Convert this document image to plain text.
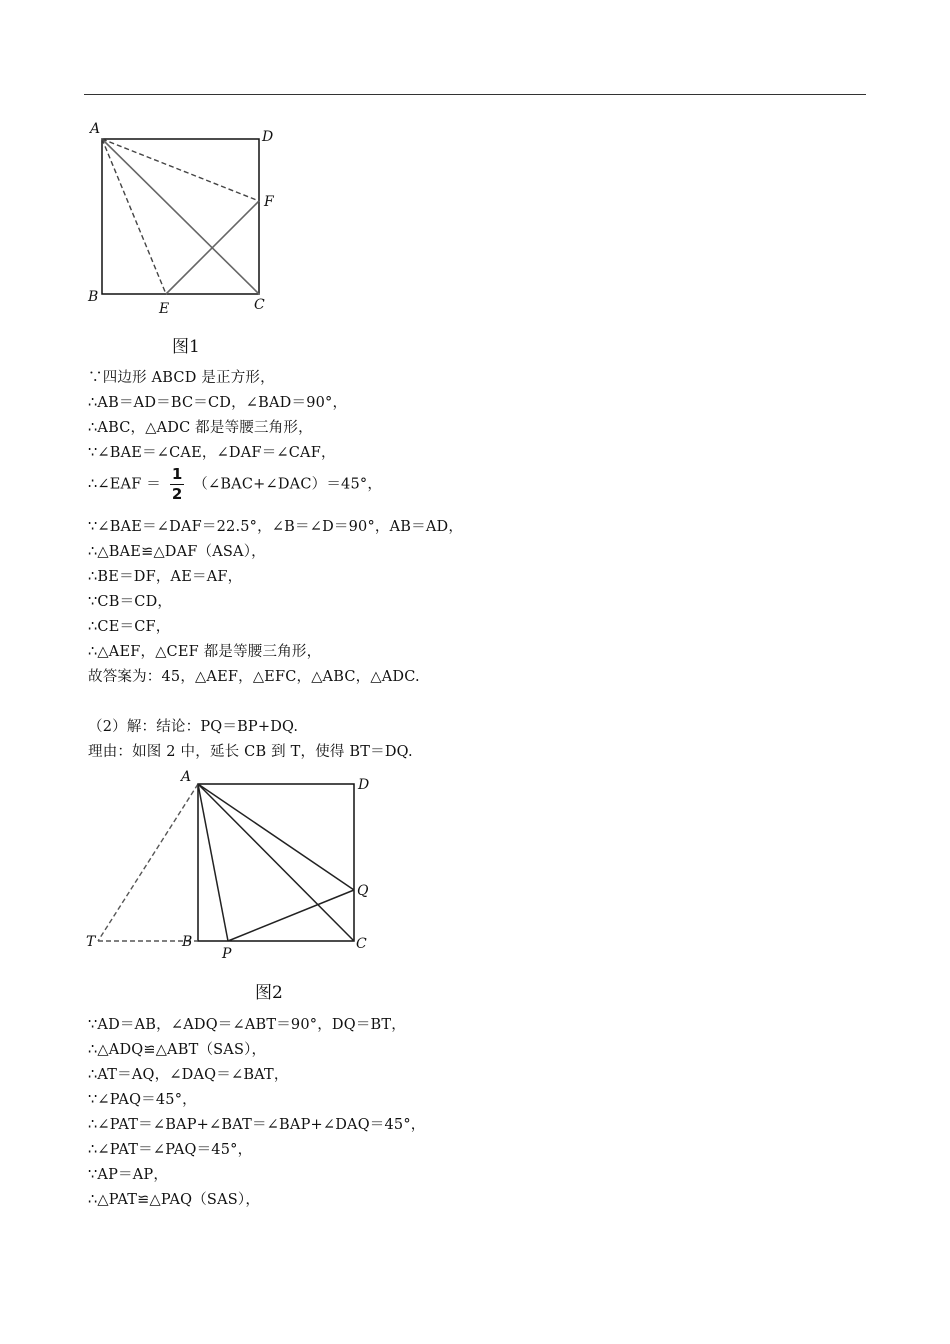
A	D
F
B
E	C
图1
∵四边形 ABCD 是正方形，
∴AB＝AD＝BC＝CD，∠BAD＝90°，
∴ABC，△ADC 都是等腰三角形，
∵∠BAE＝∠CAE，∠DAF＝∠CAF，
∴∠EAF ＝ $\frac{1}{2}$ （∠BAC+∠DAC）＝45°，
∵∠BAE＝∠DAF＝22.5°，∠B＝∠D＝90°，AB＝AD，
∴△BAE≌△DAF（ASA），
∴BE＝DF，AE＝AF，
∵CB＝CD，
∴CE＝CF，
∴△AEF，△CEF 都是等腰三角形，
故答案为：45，△AEF，△EFC，△ABC，△ADC.
（2）解：结论：PQ＝BP+DQ.
理由：如图 2 中，延长 CB 到 T，使得 BT＝DQ.
A	D
Q
T	B
P
C
图2
∵AD＝AB，∠ADQ＝∠ABT＝90°，DQ＝BT，
∴△ADQ≌△ABT（SAS），
∴AT＝AQ，∠DAQ＝∠BAT，
∵∠PAQ＝45°，
∴∠PAT＝∠BAP+∠BAT＝∠BAP+∠DAQ＝45°，
∴∠PAT＝∠PAQ＝45°，
∵AP＝AP，
∴△PAT≌△PAQ（SAS），
